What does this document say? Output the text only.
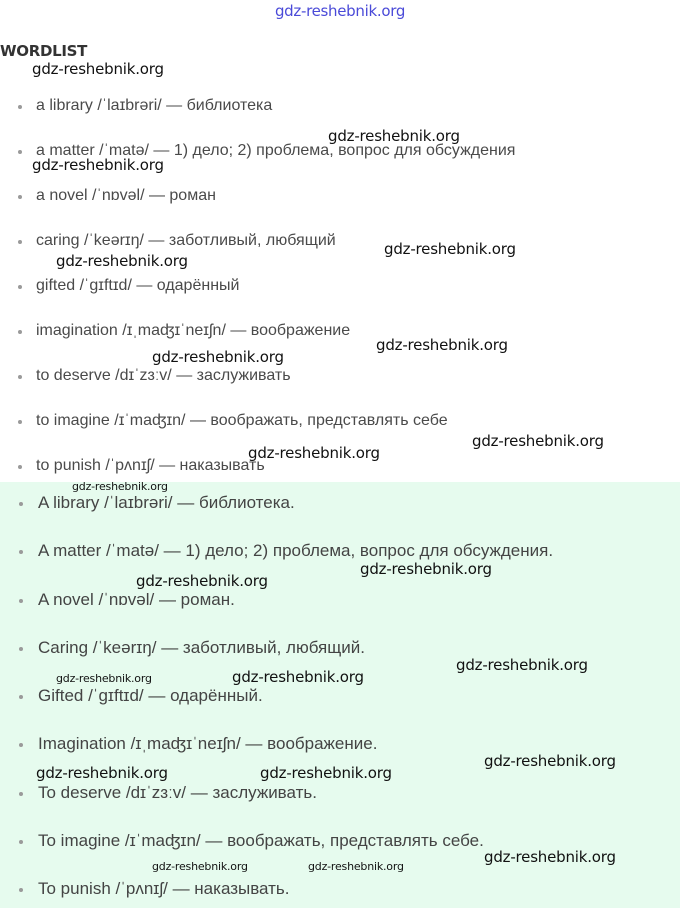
gdz-reshebnik.org
WORDLIST
a library /ˈlaɪbrəri/ — библиотека
a matter /ˈmatə/ — 1) дело; 2) проблема, вопрос для обсуждения
a novel /ˈnɒvəl/ — роман
caring /ˈkeərɪŋ/ — заботливый, любящий
gifted /ˈɡɪftɪd/ — одарённый
imagination /ɪˌmaʤɪˈneɪʃn/ — воображение
to deserve /dɪˈzɜːv/ — заслуживать
to imagine /ɪˈmaʤɪn/ — воображать, представлять себе
to punish /ˈpʌnɪʃ/ — наказывать
A library /ˈlaɪbrəri/ — библиотека.
A matter /ˈmatə/ — 1) дело; 2) проблема, вопрос для обсуждения.
A novel /ˈnɒvəl/ — роман.
Caring /ˈkeərɪŋ/ — заботливый, любящий.
Gifted /ˈɡɪftɪd/ — одарённый.
Imagination /ɪˌmaʤɪˈneɪʃn/ — воображение.
To deserve /dɪˈzɜːv/ — заслуживать.
To imagine /ɪˈmaʤɪn/ — воображать, представлять себе.
To punish /ˈpʌnɪʃ/ — наказывать.
gdz-reshebnik.org
gdz-reshebnik.org
gdz-reshebnik.org
gdz-reshebnik.org
gdz-reshebnik.org
gdz-reshebnik.org
gdz-reshebnik.org
gdz-reshebnik.org
gdz-reshebnik.org
gdz-reshebnik.org
gdz-reshebnik.org
gdz-reshebnik.org
gdz-reshebnik.org
gdz-reshebnik.org
gdz-reshebnik.org
gdz-reshebnik.org
gdz-reshebnik.org	gdz-reshebnik.org
gdz-reshebnik.org
gdz-reshebnik.org	gdz-reshebnik.org
